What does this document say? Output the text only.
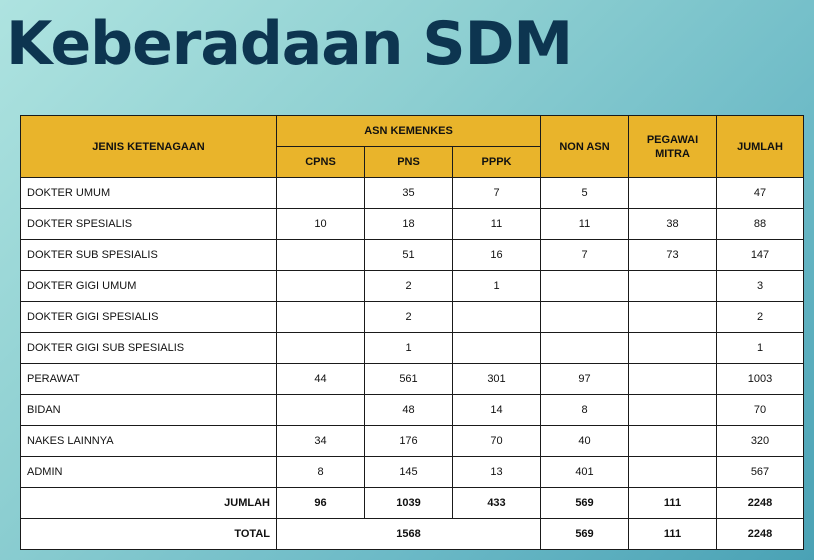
Keberadaan SDM
JENIS KETENAGAAN	ASN KEMENKES			NON ASN	PEGAWAI MITRA	JUMLAH
	CPNS	PNS	PPPK			
DOKTER UMUM		35	7	5		47
DOKTER SPESIALIS	10	18	11	11	38	88
DOKTER SUB SPESIALIS		51	16	7	73	147
DOKTER GIGI UMUM		2	1			3
DOKTER GIGI SPESIALIS		2				2
DOKTER GIGI SUB SPESIALIS		1				1
PERAWAT	44	561	301	97		1003
BIDAN		48	14	8		70
NAKES LAINNYA	34	176	70	40		320
ADMIN	8	145	13	401		567
JUMLAH	96	1039	433	569	111	2248
TOTAL	1568			569	111	2248
